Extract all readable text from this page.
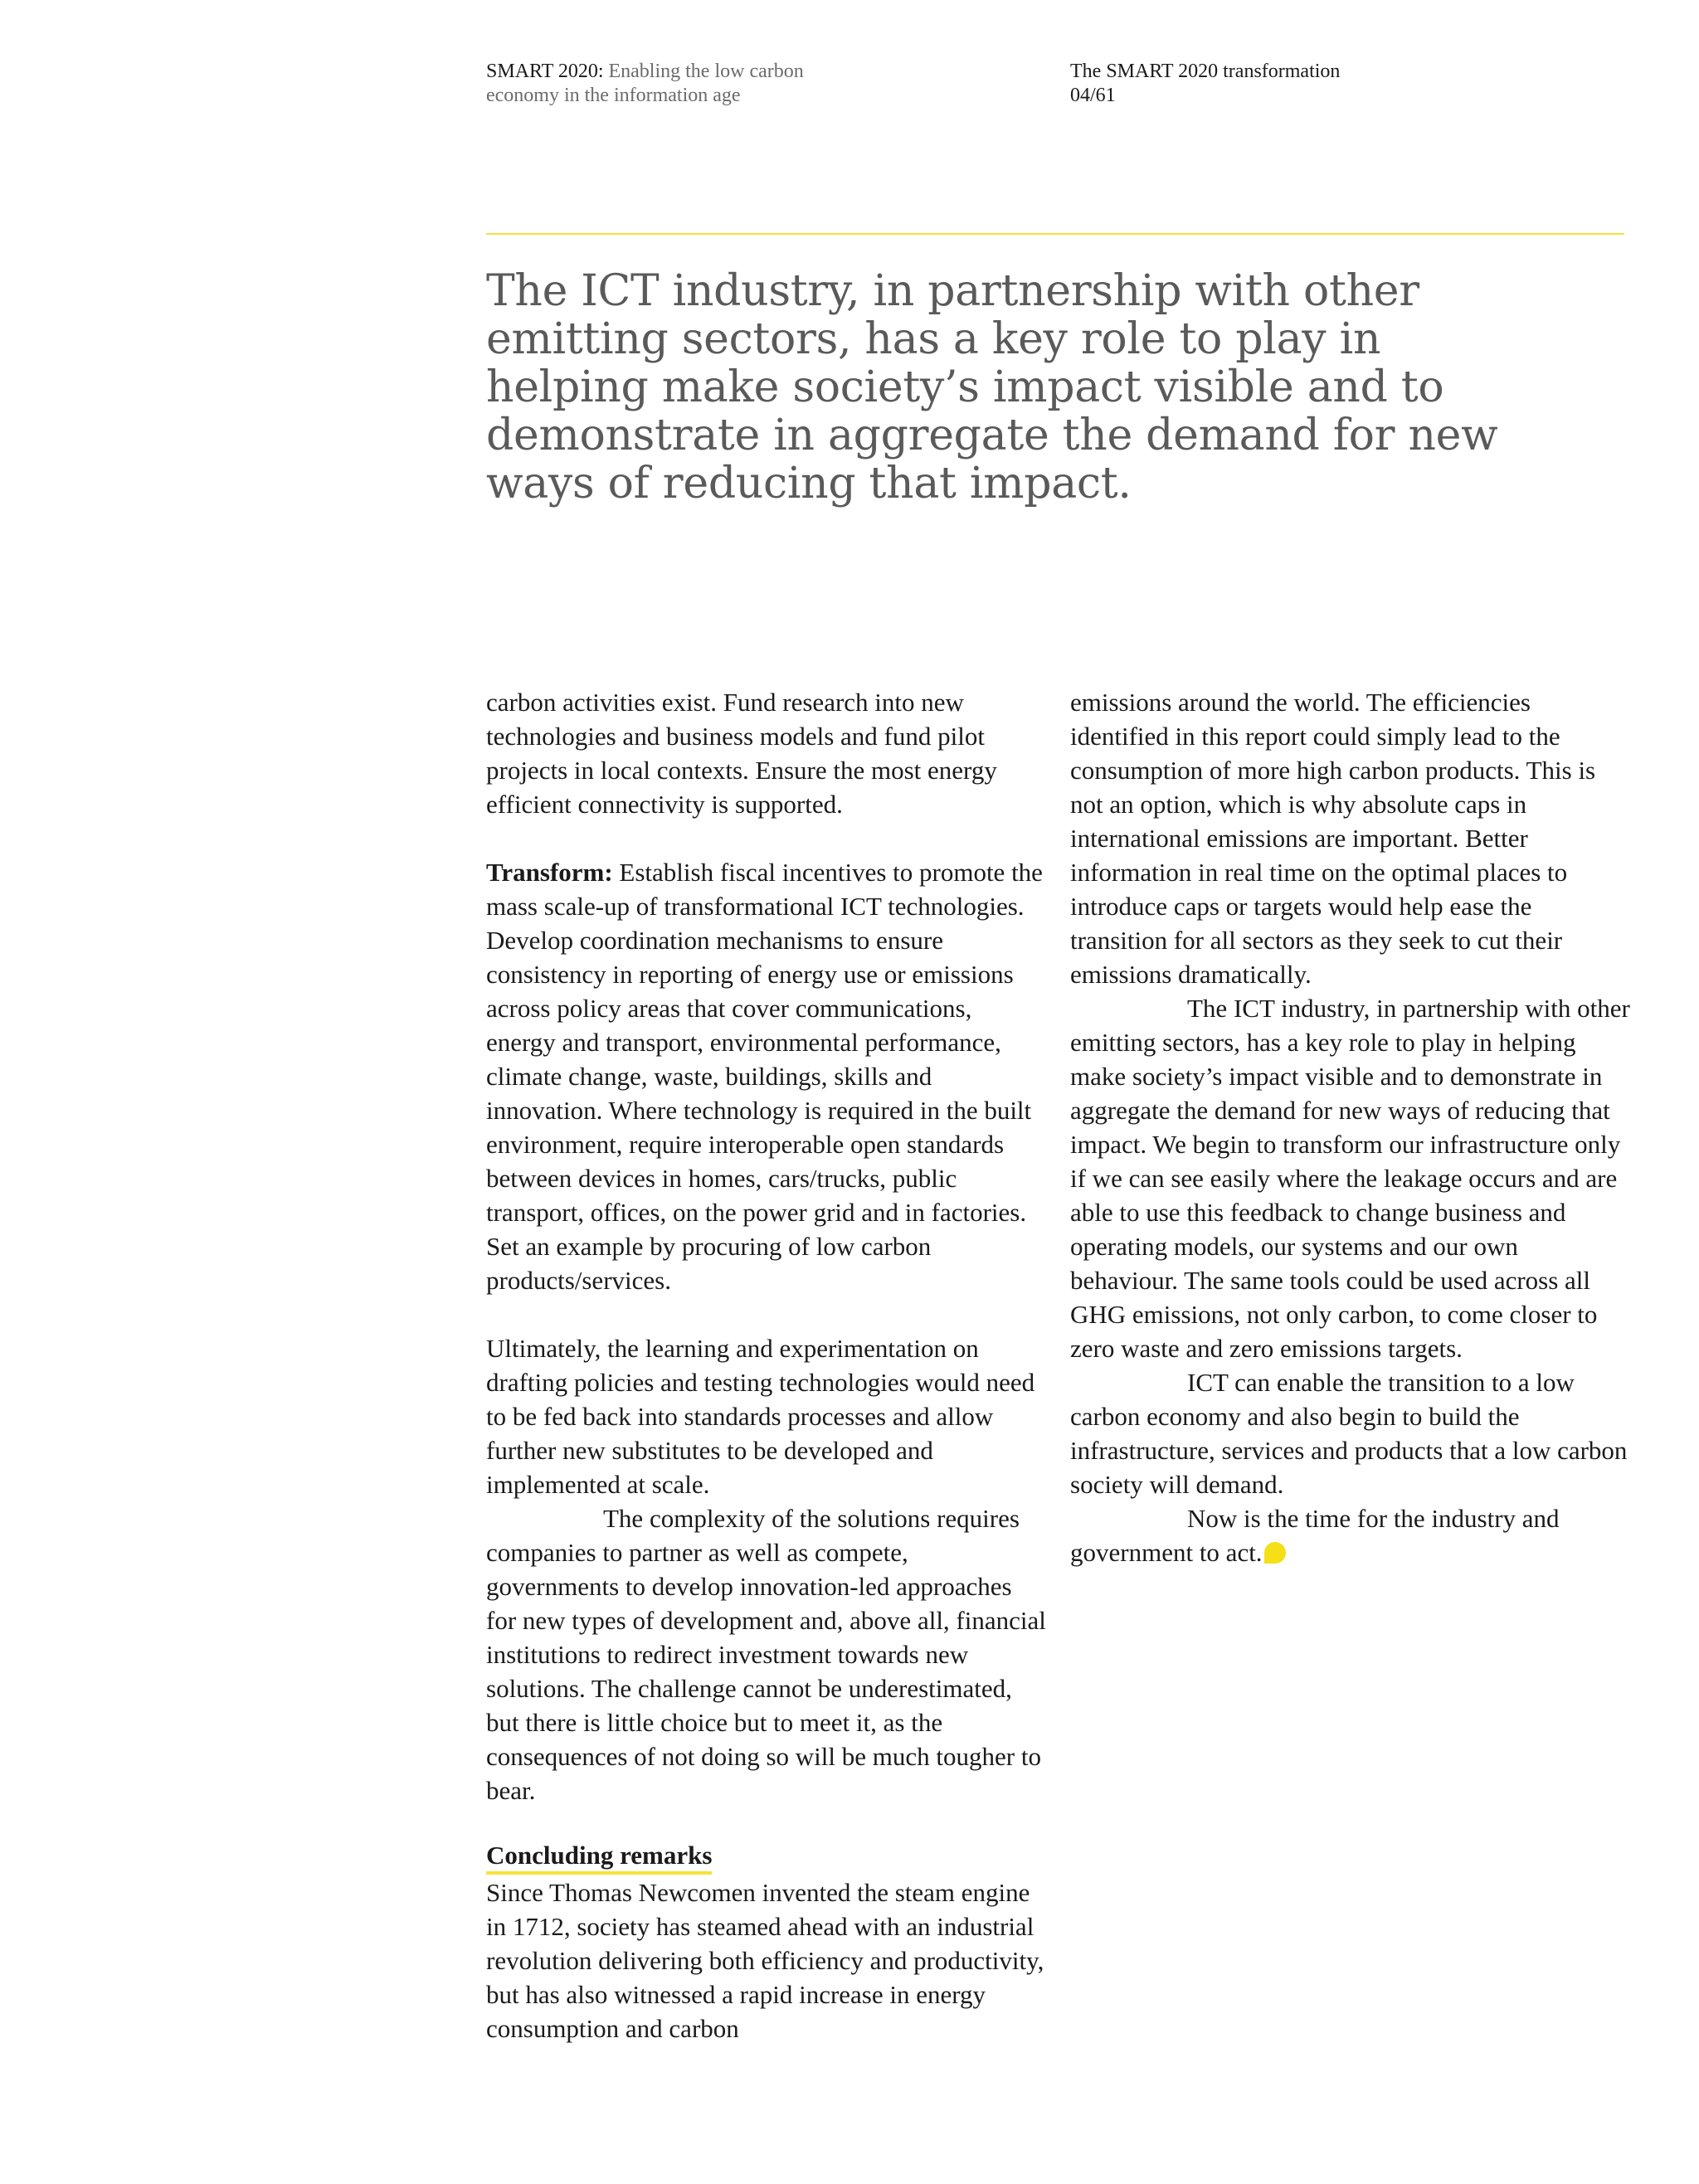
SMART 2020: Enabling the low carbon
economy in the information age
The SMART 2020 transformation
04/61
The ICT industry, in partnership with other emitting sectors, has a key role to play in helping make society’s impact visible and to demonstrate in aggregate the demand for new ways of reducing that impact.

carbon activities exist. Fund research into new technologies and business models and fund pilot projects in local contexts. Ensure the most energy efficient connectivity is supported.

Transform: Establish fiscal incentives to promote the mass scale-up of transformational ICT technologies. Develop coordination mechanisms to ensure consistency in reporting of energy use or emissions across policy areas that cover communications, energy and transport, environmental performance, climate change, waste, buildings, skills and innovation. Where technology is required in the built environment, require interoperable open standards between devices in homes, cars/trucks, public transport, offices, on the power grid and in factories.

Set an example by procuring of low carbon products/services.

Ultimately, the learning and experimentation on drafting policies and testing technologies would need to be fed back into standards processes and allow further new substitutes to be developed and implemented at scale.

The complexity of the solutions requires companies to partner as well as compete, governments to develop innovation-led approaches for new types of development and, above all, financial institutions to redirect investment towards new solutions. The challenge cannot be underestimated, but there is little choice but to meet it, as the consequences of not doing so will be much tougher to bear.

Concluding remarks

Since Thomas Newcomen invented the steam engine in 1712, society has steamed ahead with an industrial revolution delivering both efficiency and productivity, but has also witnessed a rapid increase in energy consumption and carbon

emissions around the world. The efficiencies identified in this report could simply lead to the consumption of more high carbon products. This is not an option, which is why absolute caps in international emissions are important. Better information in real time on the optimal places to introduce caps or targets would help ease the transition for all sectors as they seek to cut their emissions dramatically.

The ICT industry, in partnership with other emitting sectors, has a key role to play in helping make society’s impact visible and to demonstrate in aggregate the demand for new ways of reducing that impact. We begin to transform our infrastructure only if we can see easily where the leakage occurs and are able to use this feedback to change business and operating models, our systems and our own behaviour. The same tools could be used across all GHG emissions, not only carbon, to come closer to zero waste and zero emissions targets.

ICT can enable the transition to a low carbon economy and also begin to build the infrastructure, services and products that a low carbon society will demand.

Now is the time for the industry and government to act.
